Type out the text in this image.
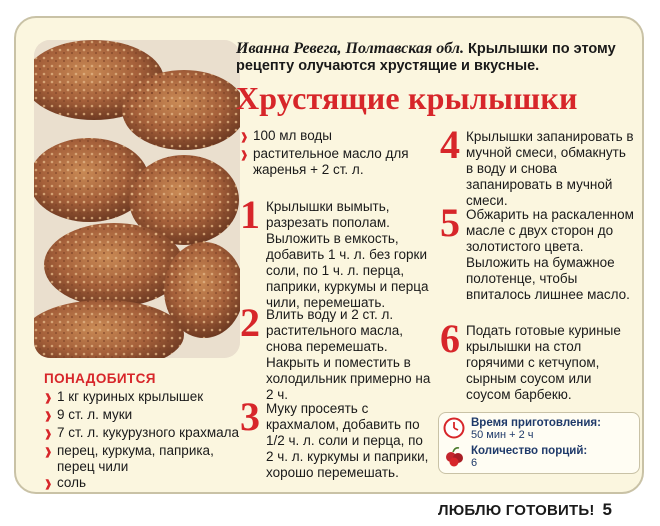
ПОНАДОБИТСЯ
❱ 1 кг куриных крылышек
❱ 9 ст. л. муки
❱ 7 ст. л. кукурузного крахмала
❱ перец, куркума, паприка, перец чили
❱ соль
Иванна Ревега, Полтавская обл. Крылышки по этому рецепту олучаются хрустящие и вкусные.
Хрустящие крылышки
❱ 100 мл воды
❱ растительное масло для жаренья + 2 ст. л.
1 Крылышки вымыть, разрезать пополам. Выложить в емкость, добавить 1 ч. л. без горки соли, по 1 ч. л. перца, паприки, куркумы и перца чили, перемешать.
2 Влить воду и 2 ст. л. растительного масла, снова перемешать. Накрыть и поместить в холодильник примерно на 2 ч.
3 Муку просеять с крахмалом, добавить по 1/2 ч. л. соли и перца, по 2 ч. л. куркумы и паприки, хорошо перемешать.
4 Крылышки запанировать в мучной смеси, обмакнуть в воду и снова запанировать в мучной смеси.
5 Обжарить на раскаленном масле с двух сторон до золотистого цвета. Выложить на бумажное полотенце, чтобы впиталось лишнее масло.
6 Подать готовые куриные крылышки на стол горячими с кетчупом, сырным соусом или соусом барбекю.
Время приготовления:
50 мин + 2 ч
Количество порций:
6
ЛЮБЛЮ ГОТОВИТЬ! 5
